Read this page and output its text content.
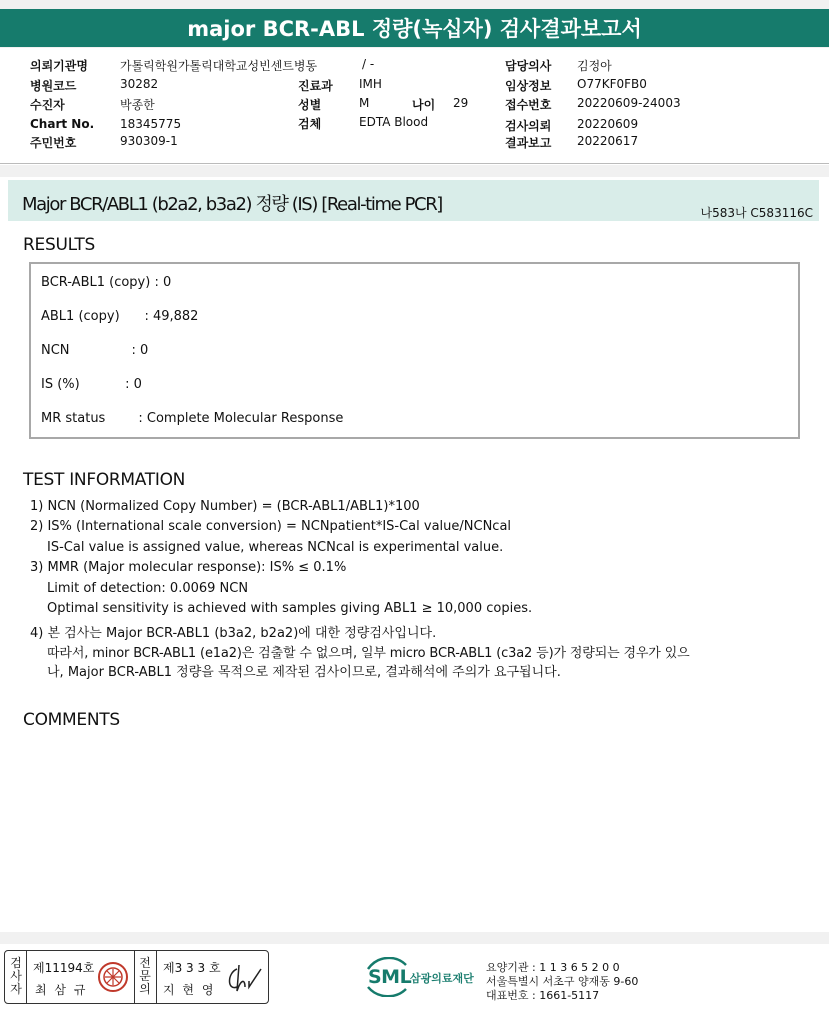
major BCR-ABL 정량(녹십자) 검사결과보고서
의뢰기관명	가톨릭학원가톨릭대학교성빈센트병동	/ -	담당의사 김정아
병원코드	30282	진료과 IMH	임상정보 O77KF0FB0
수진자	박종한	성별	M	나이 29	접수번호 20220609-24003
Chart No. 18345775	검체	EDTA Blood	검사의뢰 20220609
주민번호	930309-1	결과보고 20220617
Major BCR/ABL1 (b2a2, b3a2) 정량 (IS) [Real-time PCR]	나583나 C583116C
RESULTS
BCR-ABL1 (copy) : 0
ABL1 (copy)      : 49,882
NCN               : 0
IS (%)           : 0
MR status        : Complete Molecular Response
TEST INFORMATION
1) NCN (Normalized Copy Number) = (BCR-ABL1/ABL1)*100
2) IS% (International scale conversion) = NCNpatient*IS-Cal value/NCNcal
IS-Cal value is assigned value, whereas NCNcal is experimental value.
3) MMR (Major molecular response): IS% ≤ 0.1%
Limit of detection: 0.0069 NCN
Optimal sensitivity is achieved with samples giving ABL1 ≥ 10,000 copies.
4) 본 검사는 Major BCR-ABL1 (b3a2, b2a2)에 대한 정량검사입니다.
따라서, minor BCR-ABL1 (e1a2)은 검출할 수 없으며, 일부 micro BCR-ABL1 (c3a2 등)가 정량되는 경우가 있으
나, Major BCR-ABL1 정량을 목적으로 제작된 검사이므로, 결과해석에 주의가 요구됩니다.
COMMENTS
검사자
제11194호
최 삼 규
전문의
제3 3 3 호
지 현 영
SML
삼광의료재단
요양기관 : 1 1 3 6 5 2 0 0
서울특별시 서초구 양재동 9-60
대표번호 : 1661-5117
